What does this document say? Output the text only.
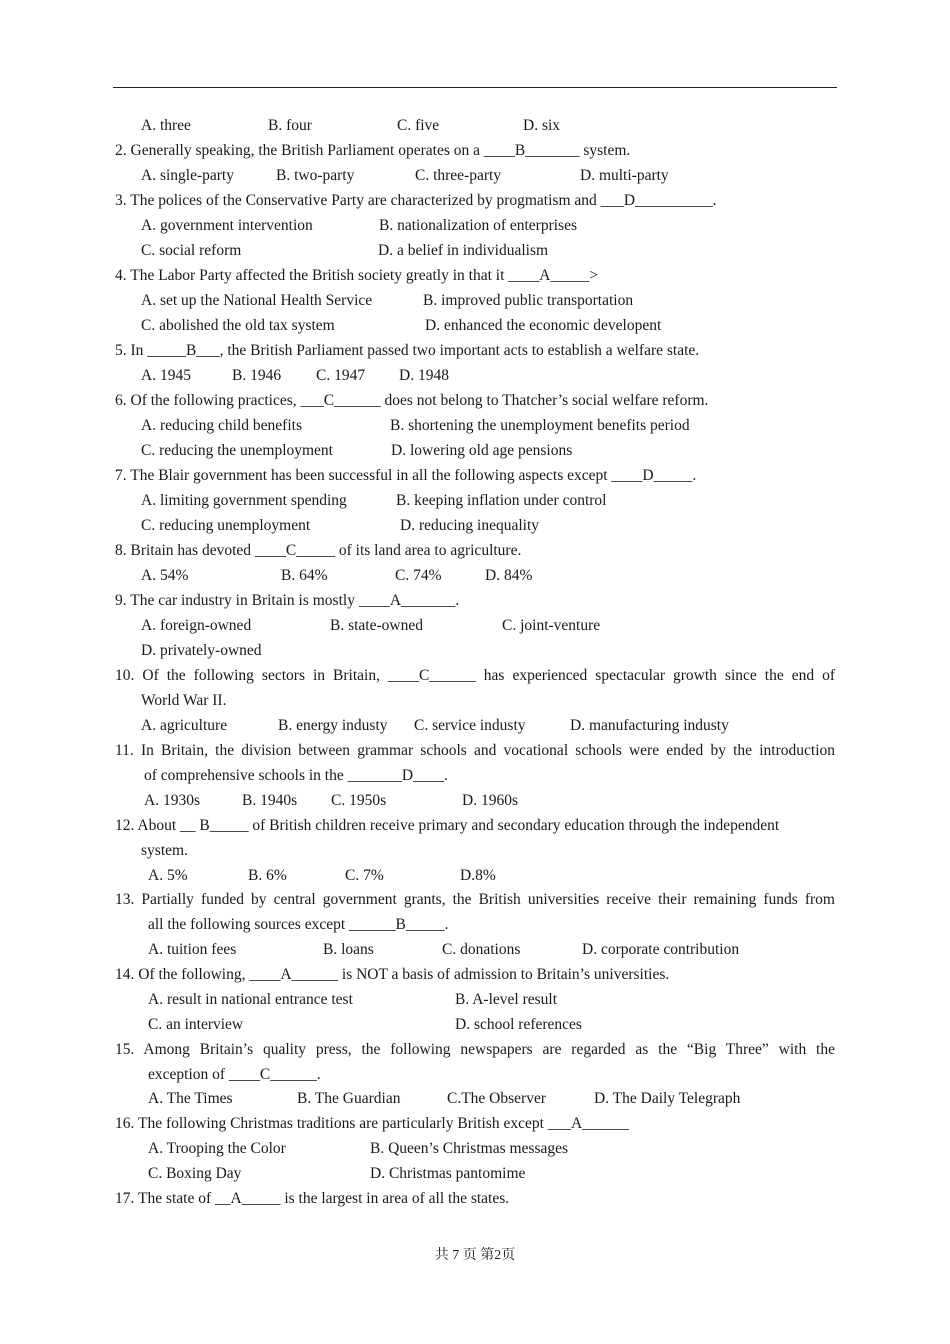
A. three	B. four	C. five	D. six
2. Generally speaking, the British Parliament operates on a ____B_______ system.
A. single-party	B. two-party	C. three-party	D. multi-party
3. The polices of the Conservative Party are characterized by progmatism and ___D__________.
A. government intervention	B. nationalization of enterprises
C. social reform	D. a belief in individualism
4. The Labor Party affected the British society greatly in that it ____A_____>
A. set up the National Health Service	B. improved public transportation
C. abolished the old tax system	D. enhanced the economic developent
5. In _____B___, the British Parliament passed two important acts to establish a welfare state.
A. 1945	B. 1946 C. 1947 D. 1948
6. Of the following practices, ___C______ does not belong to Thatcher’s social welfare reform.
A. reducing child benefits	B. shortening the unemployment benefits period
C. reducing the unemployment	D. lowering old age pensions
7. The Blair government has been successful in all the following aspects except ____D_____.
A. limiting government spending	B. keeping inflation under control
C. reducing unemployment	D. reducing inequality
8. Britain has devoted ____C_____ of its land area to agriculture.
A. 54%	B. 64%	C. 74%	D. 84%
9. The car industry in Britain is mostly ____A_______.
A. foreign-owned	B. state-owned	C. joint-venture
D. privately-owned
10. Of the following sectors in Britain, ____C______ has experienced spectacular growth since the end of
World War II.
A. agriculture	B. energy industy C. service industy	D. manufacturing industy
11. In Britain, the division between grammar schools and vocational schools were ended by the introduction
of comprehensive schools in the _______D____.
A. 1930s	B. 1940s C. 1950s	D. 1960s
12. About __ B_____ of British children receive primary and secondary education through the independent
system.
A. 5%	B. 6%	C. 7%	D.8%
13. Partially funded by central government grants, the British universities receive their remaining funds from
all the following sources except ______B_____.
A. tuition fees	B. loans	C. donations	D. corporate contribution
14. Of the following, ____A______ is NOT a basis of admission to Britain’s universities.
A. result in national entrance test	B. A-level result
C. an interview	D. school references
15. Among Britain’s quality press, the following newspapers are regarded as the “Big Three” with the
exception of ____C______.
A. The Times	B. The Guardian	C.The Observer	D. The Daily Telegraph
16. The following Christmas traditions are particularly British except ___A______
A. Trooping the Color	B. Queen’s Christmas messages
C. Boxing Day	D. Christmas pantomime
17. The state of __A_____ is the largest in area of all the states.
共 7 页 第2页
